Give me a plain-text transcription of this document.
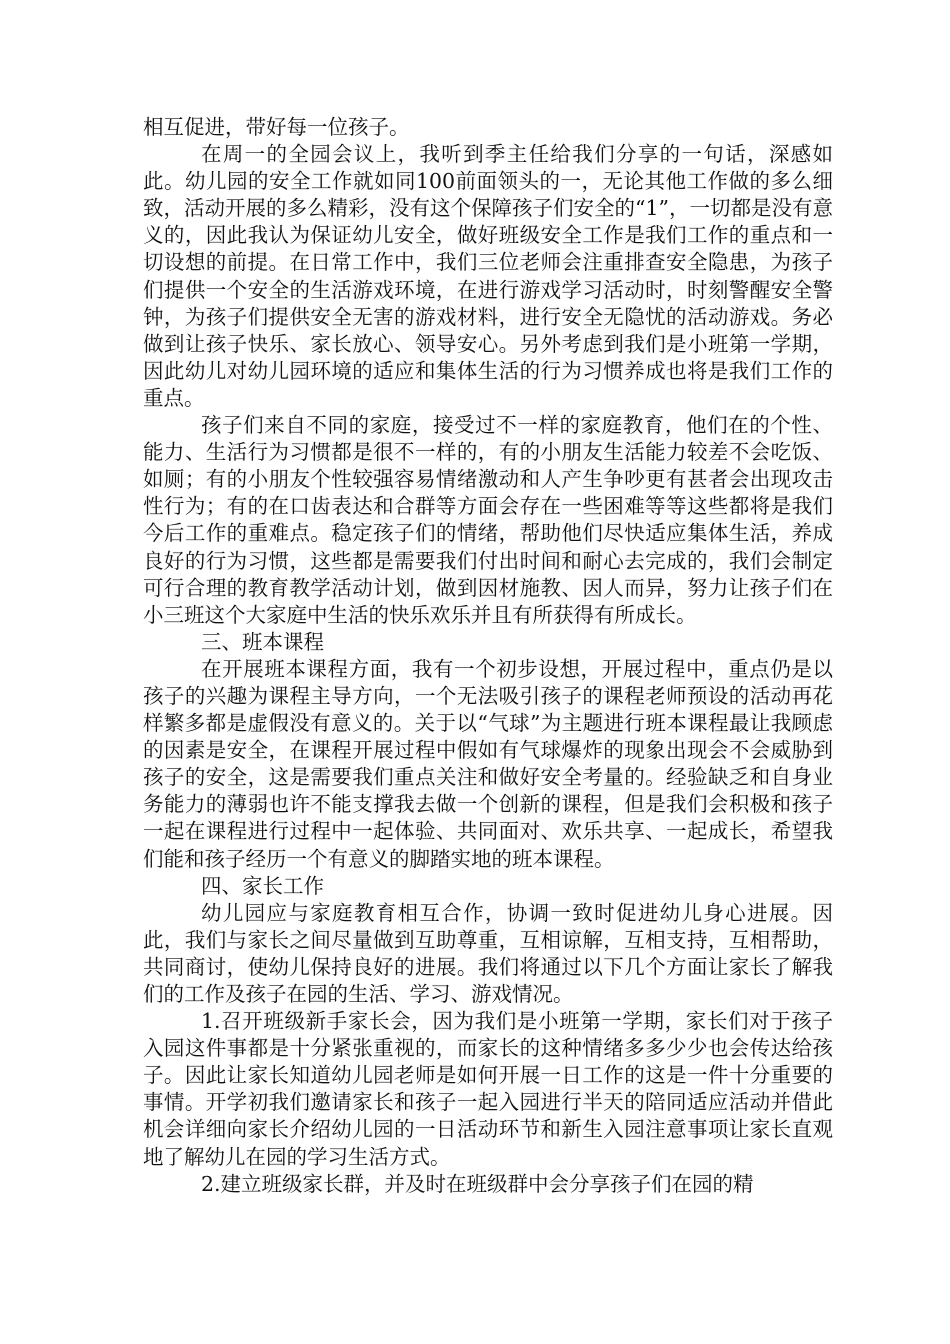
相互促进，带好每一位孩子。

在周一的全园会议上，我听到季主任给我们分享的一句话，深感如此。幼儿园的安全工作就如同100前面领头的一，无论其他工作做的多么细致，活动开展的多么精彩，没有这个保障孩子们安全的“1”，一切都是没有意义的，因此我认为保证幼儿安全，做好班级安全工作是我们工作的重点和一切设想的前提。在日常工作中，我们三位老师会注重排查安全隐患，为孩子们提供一个安全的生活游戏环境，在进行游戏学习活动时，时刻警醒安全警钟，为孩子们提供安全无害的游戏材料，进行安全无隐忧的活动游戏。务必做到让孩子快乐、家长放心、领导安心。另外考虑到我们是小班第一学期，因此幼儿对幼儿园环境的适应和集体生活的行为习惯养成也将是我们工作的重点。

孩子们来自不同的家庭，接受过不一样的家庭教育，他们在的个性、能力、生活行为习惯都是很不一样的，有的小朋友生活能力较差不会吃饭、如厕；有的小朋友个性较强容易情绪激动和人产生争吵更有甚者会出现攻击性行为；有的在口齿表达和合群等方面会存在一些困难等等这些都将是我们今后工作的重难点。稳定孩子们的情绪，帮助他们尽快适应集体生活，养成良好的行为习惯，这些都是需要我们付出时间和耐心去完成的，我们会制定可行合理的教育教学活动计划，做到因材施教、因人而异，努力让孩子们在小三班这个大家庭中生活的快乐欢乐并且有所获得有所成长。

三、班本课程

在开展班本课程方面，我有一个初步设想，开展过程中，重点仍是以孩子的兴趣为课程主导方向，一个无法吸引孩子的课程老师预设的活动再花样繁多都是虚假没有意义的。关于以“气球”为主题进行班本课程最让我顾虑的因素是安全，在课程开展过程中假如有气球爆炸的现象出现会不会威胁到孩子的安全，这是需要我们重点关注和做好安全考量的。经验缺乏和自身业务能力的薄弱也许不能支撑我去做一个创新的课程，但是我们会积极和孩子一起在课程进行过程中一起体验、共同面对、欢乐共享、一起成长，希望我们能和孩子经历一个有意义的脚踏实地的班本课程。

四、家长工作

幼儿园应与家庭教育相互合作，协调一致时促进幼儿身心进展。因此，我们与家长之间尽量做到互助尊重，互相谅解，互相支持，互相帮助，共同商讨，使幼儿保持良好的进展。我们将通过以下几个方面让家长了解我们的工作及孩子在园的生活、学习、游戏情况。

1.召开班级新手家长会，因为我们是小班第一学期，家长们对于孩子入园这件事都是十分紧张重视的，而家长的这种情绪多多少少也会传达给孩子。因此让家长知道幼儿园老师是如何开展一日工作的这是一件十分重要的事情。开学初我们邀请家长和孩子一起入园进行半天的陪同适应活动并借此机会详细向家长介绍幼儿园的一日活动环节和新生入园注意事项让家长直观地了解幼儿在园的学习生活方式。

2.建立班级家长群，并及时在班级群中会分享孩子们在园的精
